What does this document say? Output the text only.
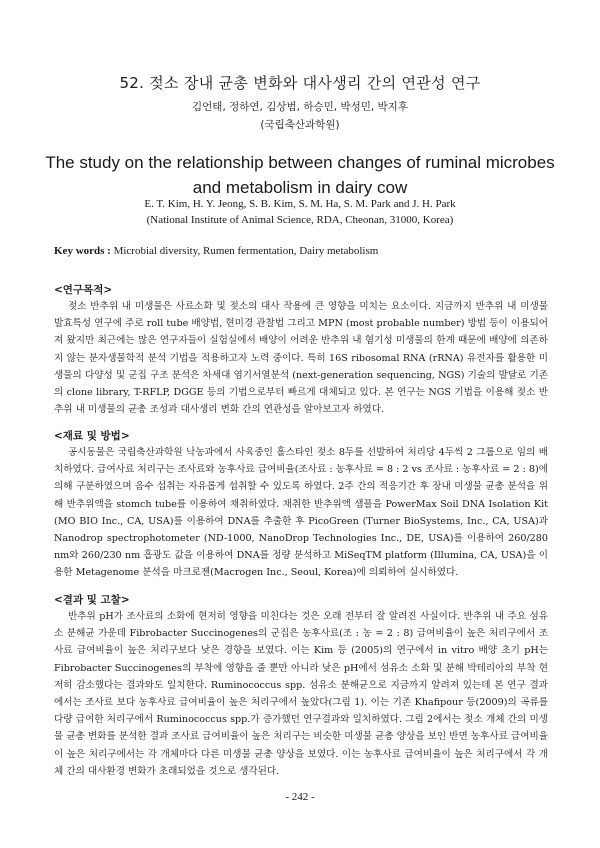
52. 젖소 장내 균총 변화와 대사생리 간의 연관성 연구
김언태, 정하연, 김상범, 하승민, 박성민, 박지후
(국립축산과학원)
The study on the relationship between changes of ruminal microbes and metabolism in dairy cow
E. T. Kim, H. Y. Jeong, S. B. Kim, S. M. Ha, S. M. Park and J. H. Park
(National Institute of Animal Science, RDA, Cheonan, 31000, Korea)
Key words : Microbial diversity, Rumen fermentation, Dairy metabolism
<연구목적>

젖소 반추위 내 미생물은 사료소화 및 젖소의 대사 작용에 큰 영향을 미치는 요소이다. 지금까지 반추위 내 미생물 발효특성 연구에 주로 roll tube 배양법, 현미경 관찰법 그리고 MPN (most probable number) 방법 등이 이용되어져 왔지만 최근에는 많은 연구자들이 실험실에서 배양이 어려운 반추위 내 혐기성 미생물의 한계 때문에 배양에 의존하지 않는 분자생물학적 분석 기법을 적용하고자 노력 중이다. 특히 16S ribosomal RNA (rRNA) 유전자를 활용한 미생물의 다양성 및 군집 구조 분석은 차세대 염기서열분석 (next-generation sequencing, NGS) 기술의 발달로 기존의 clone library, T-RFLP, DGGE 등의 기법으로부터 빠르게 대체되고 있다. 본 연구는 NGS 기법을 이용해 젖소 반추위 내 미생물의 균총 조성과 대사생리 변화 간의 연관성을 알아보고자 하였다.

<재료 및 방법>

공시동물은 국립축산과학원 낙농과에서 사육중인 홀스타인 젖소 8두를 선발하여 처리당 4두씩 2 그룹으로 임의 배치하였다. 급여사료 처리구는 조사료와 농후사료 급여비율(조사료 : 농후사료 = 8 : 2 vs 조사료 : 농후사료 = 2 : 8)에 의해 구분하였으며 음수 섭취는 자유롭게 섭취할 수 있도록 하였다. 2주 간의 적응기간 후 장내 미생물 균총 분석을 위해 반추위액을 stomch tube를 이용하여 채취하였다. 채취한 반추위액 샘플을 PowerMax Soil DNA Isolation Kit (MO BIO Inc., CA, USA)를 이용하여 DNA를 추출한 후 PicoGreen (Turner BioSystems, Inc., CA, USA)과 Nanodrop spectrophotometer (ND-1000, NanoDrop Technologies Inc., DE, USA)를 이용하여 260/280 nm와 260/230 nm 흡광도 값을 이용하여 DNA를 정량 분석하고 MiSeqTM platform (Illumina, CA, USA)을 이용한 Metagenome 분석을 마크로젠(Macrogen Inc., Seoul, Korea)에 의뢰하여 실시하였다.

<결과 및 고찰>

반추위 pH가 조사료의 소화에 현저히 영향을 미친다는 것은 오래 전부터 잘 알려진 사실이다. 반추위 내 주요 섬유소 분해균 가운데 Fibrobacter Succinogenes의 군집은 농후사료(조 : 농 = 2 : 8) 급여비율이 높은 처리구에서 조사료 급여비율이 높은 처리구보다 낮은 경향을 보였다. 이는 Kim 등 (2005)의 연구에서 in vitro 배양 초기 pH는 Fibrobacter Succinogenes의 부착에 영향을 줄 뿐만 아니라 낮은 pH에서 섬유소 소화 및 분해 박테리아의 부착 현저히 감소했다는 결과와도 일치한다. Ruminococcus spp. 섬유소 분해균으로 지금까지 알려져 있는데 본 연구 결과에서는 조사료 보다 농후사료 급여비율이 높은 처리구에서 높았다(그림 1). 이는 기존 Khafipour 등(2009)의 곡류를 다량 급여한 처리구에서 Ruminococcus spp.가 증가했던 연구결과와 일치하였다. 그림 2에서는 젖소 개체 간의 미생물 균총 변화를 분석한 결과 조사료 급여비율이 높은 처리구는 비슷한 미생물 균총 양상을 보인 반면 농후사료 급여비율이 높은 처리구에서는 각 개체마다 다른 미생물 균총 양상을 보였다. 이는 농후사료 급여비율이 높은 처리구에서 각 개체 간의 대사환경 변화가 초래되었을 것으로 생각된다.

- 242 -
